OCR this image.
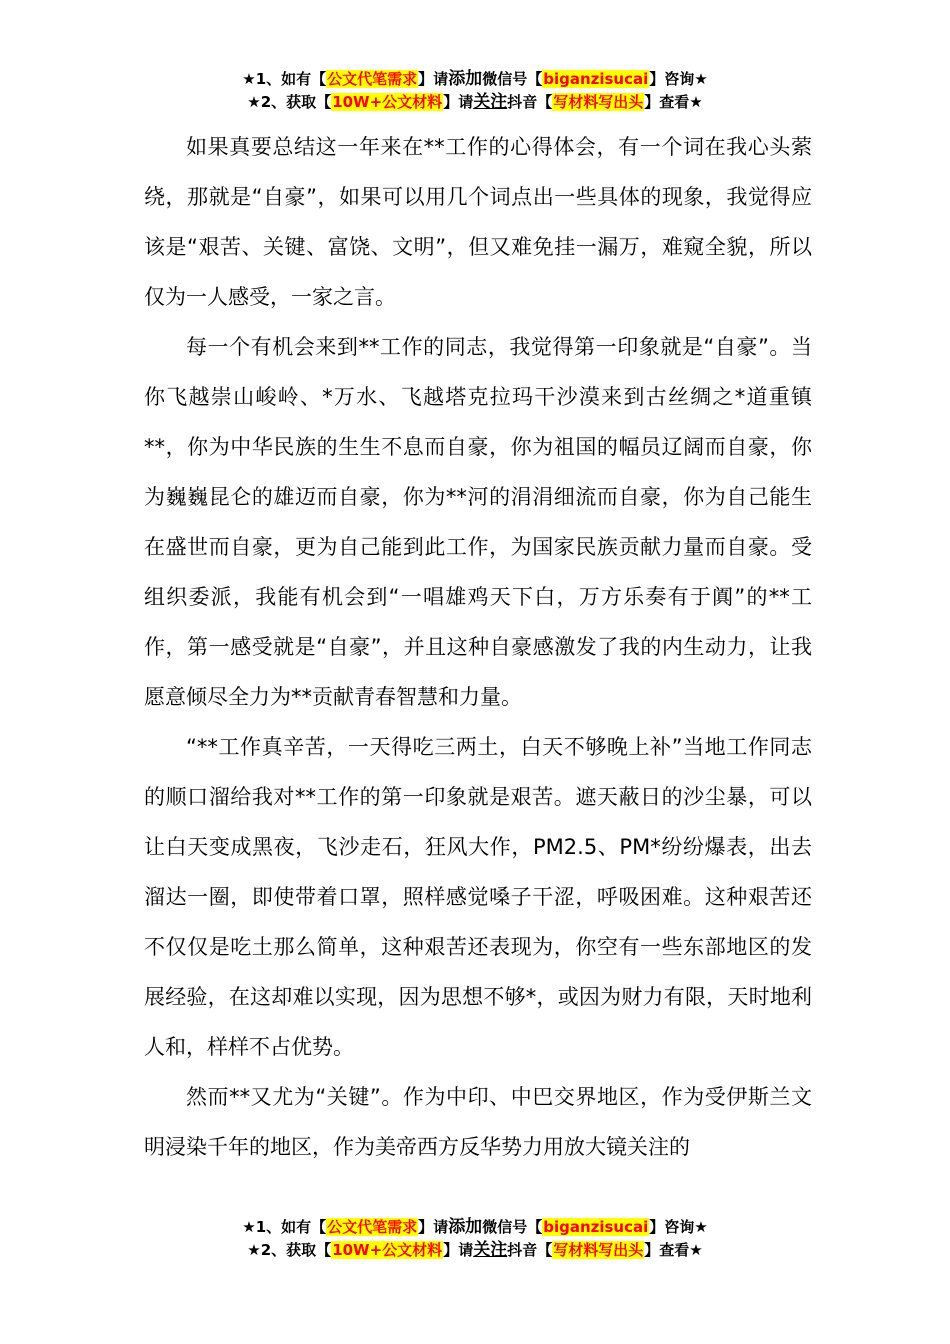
★1、如有【公文代笔需求】请添加微信号【biganzisucai】咨询★
★2、获取【10W+公文材料】请关注抖音【写材料写出头】查看★

如果真要总结这一年来在**工作的心得体会，有一个词在我心头萦绕，那就是“自豪”，如果可以用几个词点出一些具体的现象，我觉得应该是“艰苦、关键、富饶、文明”，但又难免挂一漏万，难窥全貌，所以仅为一人感受，一家之言。

每一个有机会来到**工作的同志，我觉得第一印象就是“自豪”。当你飞越崇山峻岭、*万水、飞越塔克拉玛干沙漠来到古丝绸之*道重镇**，你为中华民族的生生不息而自豪，你为祖国的幅员辽阔而自豪，你为巍巍昆仑的雄迈而自豪，你为**河的涓涓细流而自豪，你为自己能生在盛世而自豪，更为自己能到此工作，为国家民族贡献力量而自豪。受组织委派，我能有机会到“一唱雄鸡天下白，万方乐奏有于阗”的**工作，第一感受就是“自豪”，并且这种自豪感激发了我的内生动力，让我愿意倾尽全力为**贡献青春智慧和力量。

“**工作真辛苦，一天得吃三两土，白天不够晚上补”当地工作同志的顺口溜给我对**工作的第一印象就是艰苦。遮天蔽日的沙尘暴，可以让白天变成黑夜，飞沙走石，狂风大作，PM2.5、PM*纷纷爆表，出去溜达一圈，即使带着口罩，照样感觉嗓子干涩，呼吸困难。这种艰苦还不仅仅是吃土那么简单，这种艰苦还表现为，你空有一些东部地区的发展经验，在这却难以实现，因为思想不够*，或因为财力有限，天时地利人和，样样不占优势。

然而**又尤为“关键”。作为中印、中巴交界地区，作为受伊斯兰文明浸染千年的地区，作为美帝西方反华势力用放大镜关注的

★1、如有【公文代笔需求】请添加微信号【biganzisucai】咨询★
★2、获取【10W+公文材料】请关注抖音【写材料写出头】查看★
